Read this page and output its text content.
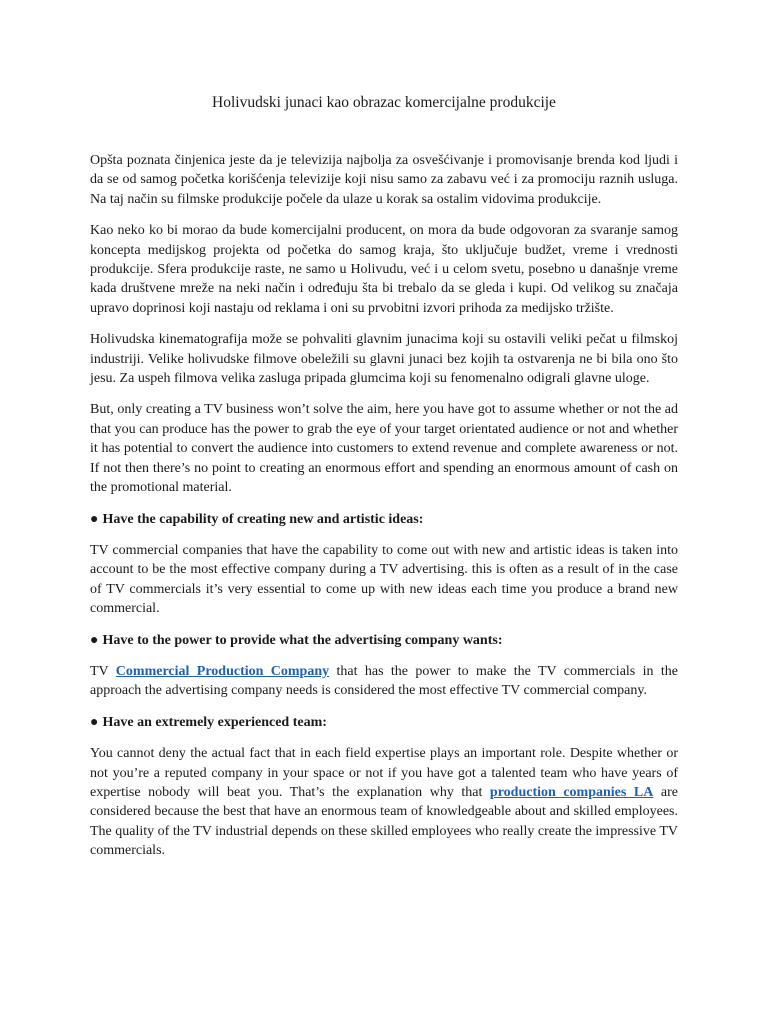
Holivudski junaci kao obrazac komercijalne produkcije

Opšta poznata činjenica jeste da je televizija najbolja za osvešćivanje i promovisanje brenda kod ljudi i da se od samog početka korišćenja televizije koji nisu samo za zabavu već i za promociju raznih usluga. Na taj način su filmske produkcije počele da ulaze u korak sa ostalim vidovima produkcije.

Kao neko ko bi morao da bude komercijalni producent, on mora da bude odgovoran za svaranje samog koncepta medijskog projekta od početka do samog kraja, što uključuje budžet, vreme i vrednosti produkcije. Sfera produkcije raste, ne samo u Holivudu, već i u celom svetu, posebno u današnje vreme kada društvene mreže na neki način i određuju šta bi trebalo da se gleda i kupi. Od velikog su značaja upravo doprinosi koji nastaju od reklama i oni su prvobitni izvori prihoda za medijsko tržište.

Holivudska kinematografija može se pohvaliti glavnim junacima koji su ostavili veliki pečat u filmskoj industriji. Velike holivudske filmove obeležili su glavni junaci bez kojih ta ostvarenja ne bi bila ono što jesu. Za uspeh filmova velika zasluga pripada glumcima koji su fenomenalno odigrali glavne uloge.

But, only creating a TV business won’t solve the aim, here you have got to assume whether or not the ad that you can produce has the power to grab the eye of your target orientated audience or not and whether it has potential to convert the audience into customers to extend revenue and complete awareness or not. If not then there’s no point to creating an enormous effort and spending an enormous amount of cash on the promotional material.

● Have the capability of creating new and artistic ideas:

TV commercial companies that have the capability to come out with new and artistic ideas is taken into account to be the most effective company during a TV advertising. this is often as a result of in the case of TV commercials it’s very essential to come up with new ideas each time you produce a brand new commercial.

● Have to the power to provide what the advertising company wants:

TV Commercial Production Company that has the power to make the TV commercials in the approach the advertising company needs is considered the most effective TV commercial company.

● Have an extremely experienced team:

You cannot deny the actual fact that in each field expertise plays an important role. Despite whether or not you’re a reputed company in your space or not if you have got a talented team who have years of expertise nobody will beat you. That’s the explanation why that production companies LA are considered because the best that have an enormous team of knowledgeable about and skilled employees. The quality of the TV industrial depends on these skilled employees who really create the impressive TV commercials.
